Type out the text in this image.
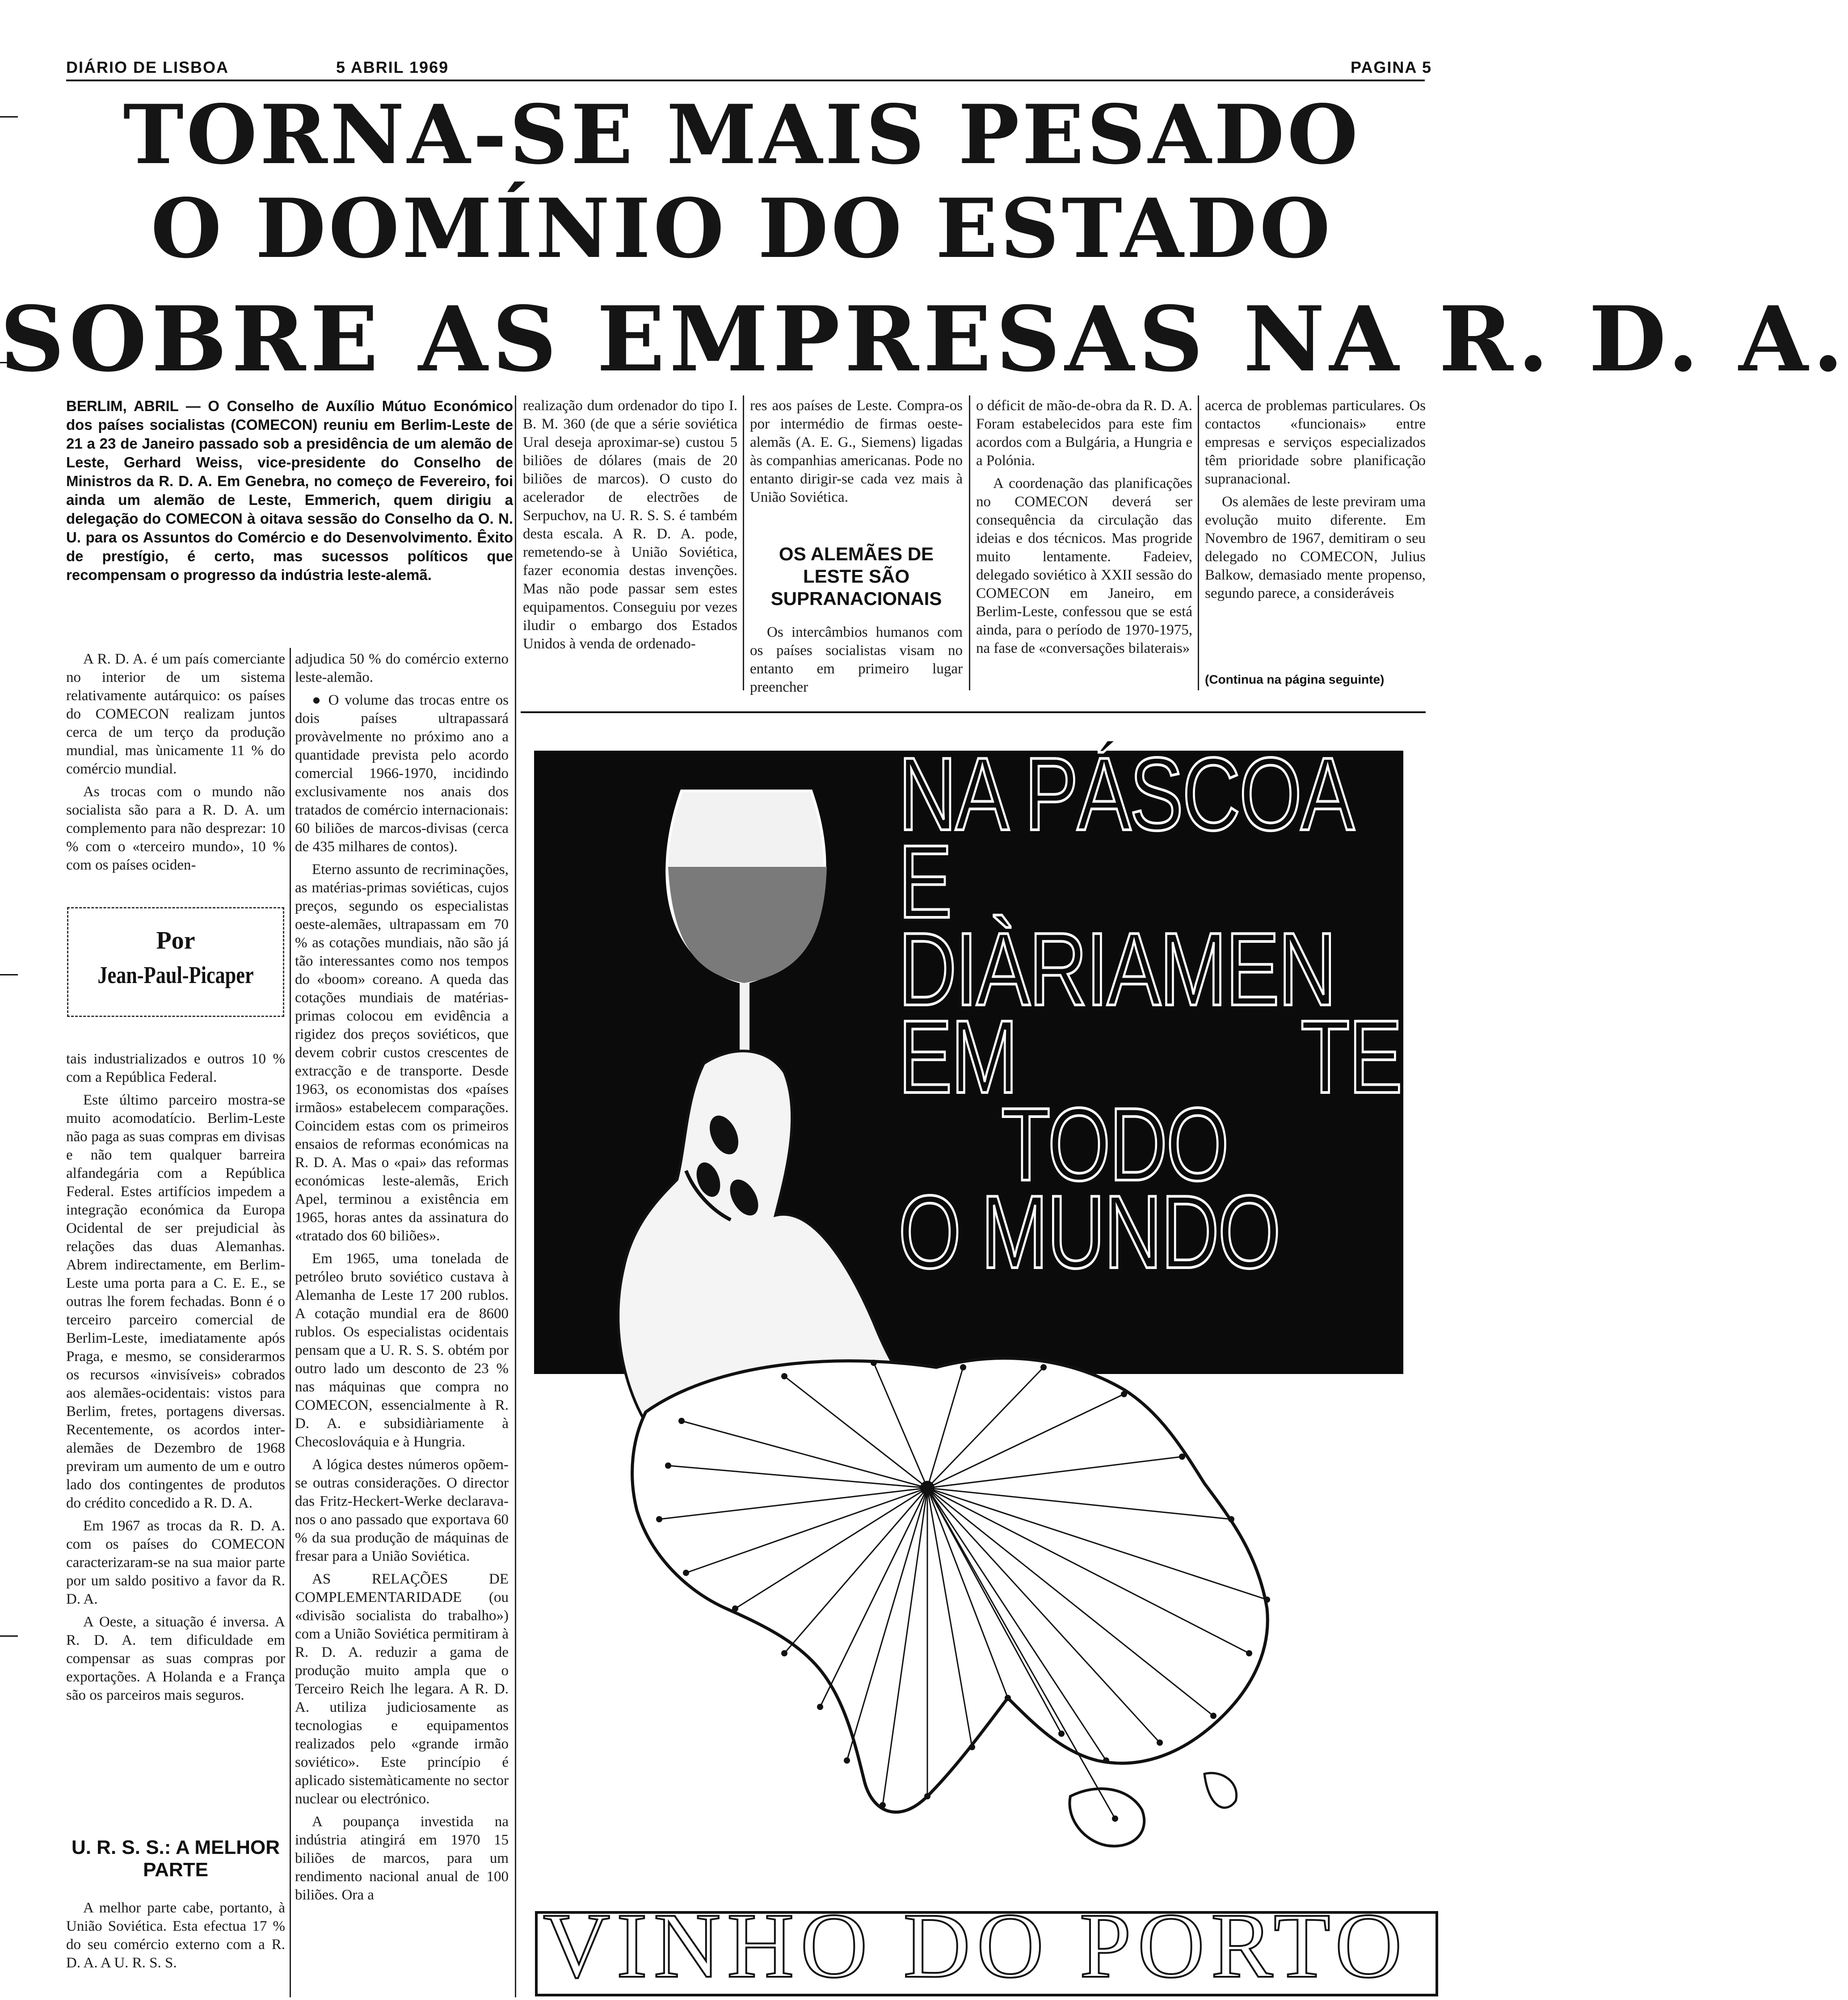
DIÁRIO DE LISBOA	5 ABRIL 1969	PAGINA 5
TORNA-SE MAIS PESADO
O DOMÍNIO DO ESTADO
SOBRE AS EMPRESAS NA R. D. A.
BERLIM, ABRIL — O Conselho de Auxílio Mútuo Económico dos países socialistas (COMECON) reuniu em Berlim-Leste de 21 a 23 de Janeiro passado sob a presidência de um alemão de Leste, Gerhard Weiss, vice-presidente do Conselho de Ministros da R. D. A. Em Genebra, no começo de Fevereiro, foi ainda um alemão de Leste, Emmerich, quem dirigiu a delegação do COMECON à oitava sessão do Conselho da O. N. U. para os Assuntos do Comércio e do Desenvolvimento. Êxito de prestígio, é certo, mas sucessos políticos que recompensam o progresso da indústria leste-alemã.

A R. D. A. é um país comerciante no interior de um sistema relativamente autárquico: os países do COMECON realizam juntos cerca de um terço da produção mundial, mas ùnicamente 11 % do comércio mundial.

As trocas com o mundo não socialista são para a R. D. A. um complemento para não desprezar: 10 % com o «terceiro mundo», 10 % com os países ociden-

Por
Jean-Paul-Picaper

tais industrializados e outros 10 % com a República Federal.

Este último parceiro mostra-se muito acomodatício. Berlim-Leste não paga as suas compras em divisas e não tem qualquer barreira alfandegária com a República Federal. Estes artifícios impedem a integração económica da Europa Ocidental de ser prejudicial às relações das duas Alemanhas. Abrem indirectamente, em Berlim-Leste uma porta para a C. E. E., se outras lhe forem fechadas. Bonn é o terceiro parceiro comercial de Berlim-Leste, imediatamente após Praga, e mesmo, se considerarmos os recursos «invisíveis» cobrados aos alemães-ocidentais: vistos para Berlim, fretes, portagens diversas. Recentemente, os acordos inter-alemães de Dezembro de 1968 previram um aumento de um e outro lado dos contingentes de produtos do crédito concedido a R. D. A.

Em 1967 as trocas da R. D. A. com os países do COMECON caracterizaram-se na sua maior parte por um saldo positivo a favor da R. D. A.

A Oeste, a situação é inversa. A R. D. A. tem dificuldade em compensar as suas compras por exportações. A Holanda e a França são os parceiros mais seguros.

U. R. S. S.: A MELHOR PARTE

A melhor parte cabe, portanto, à União Soviética. Esta efectua 17 % do seu comércio externo com a R. D. A. A U. R. S. S.

adjudica 50 % do comércio externo leste-alemão.

● O volume das trocas entre os dois países ultrapassará provàvelmente no próximo ano a quantidade prevista pelo acordo comercial 1966-1970, incidindo exclusivamente nos anais dos tratados de comércio internacionais: 60 biliões de marcos-divisas (cerca de 435 milhares de contos).

Eterno assunto de recriminações, as matérias-primas soviéticas, cujos preços, segundo os especialistas oeste-alemães, ultrapassam em 70 % as cotações mundiais, não são já tão interessantes como nos tempos do «boom» coreano. A queda das cotações mundiais de matérias-primas colocou em evidência a rigidez dos preços soviéticos, que devem cobrir custos crescentes de extracção e de transporte. Desde 1963, os economistas dos «países irmãos» estabelecem comparações. Coincidem estas com os primeiros ensaios de reformas económicas na R. D. A. Mas o «pai» das reformas económicas leste-alemãs, Erich Apel, terminou a existência em 1965, horas antes da assinatura do «tratado dos 60 biliões».

Em 1965, uma tonelada de petróleo bruto soviético custava à Alemanha de Leste 17 200 rublos. A cotação mundial era de 8600 rublos. Os especialistas ocidentais pensam que a U. R. S. S. obtém por outro lado um desconto de 23 % nas máquinas que compra no COMECON, essencialmente à R. D. A. e subsidiàriamente à Checoslováquia e à Hungria.

A lógica destes números opõem-se outras considerações. O director das Fritz-Heckert-Werke declarava-nos o ano passado que exportava 60 % da sua produção de máquinas de fresar para a União Soviética.

AS RELAÇÕES DE COMPLEMENTARIDADE (ou «divisão socialista do trabalho») com a União Soviética permitiram à R. D. A. reduzir a gama de produção muito ampla que o Terceiro Reich lhe legara. A R. D. A. utiliza judiciosamente as tecnologias e equipamentos realizados pelo «grande irmão soviético». Este princípio é aplicado sistemàticamente no sector nuclear ou electrónico.

A poupança investida na indústria atingirá em 1970 15 biliões de marcos, para um rendimento nacional anual de 100 biliões. Ora a

realização dum ordenador do tipo I. B. M. 360 (de que a série soviética Ural deseja aproximar-se) custou 5 biliões de dólares (mais de 20 biliões de marcos). O custo do acelerador de electrões de Serpuchov, na U. R. S. S. é também desta escala. A R. D. A. pode, remetendo-se à União Soviética, fazer economia destas invenções. Mas não pode passar sem estes equipamentos. Conseguiu por vezes iludir o embargo dos Estados Unidos à venda de ordenado-

res aos países de Leste. Compra-os por intermédio de firmas oeste-alemãs (A. E. G., Siemens) ligadas às companhias americanas. Pode no entanto dirigir-se cada vez mais à União Soviética.

OS ALEMÃES DE LESTE SÃO SUPRANACIONAIS

Os intercâmbios humanos com os países socialistas visam no entanto em primeiro lugar preencher

o déficit de mão-de-obra da R. D. A. Foram estabelecidos para este fim acordos com a Bulgária, a Hungria e a Polónia.

A coordenação das planificações no COMECON deverá ser consequência da circulação das ideias e dos técnicos. Mas progride muito lentamente. Fadeiev, delegado soviético à XXII sessão do COMECON em Janeiro, em Berlim-Leste, confessou que se está ainda, para o período de 1970-1975, na fase de «conversações bilaterais»

acerca de problemas particulares. Os contactos «funcionais» entre empresas e serviços especializados têm prioridade sobre planificação supranacional.

Os alemães de leste previram uma evolução muito diferente. Em Novembro de 1967, demitiram o seu delegado no COMECON, Julius Balkow, demasiado mente propenso, segundo parece, a consideráveis

(Continua na página seguinte)
NA PÁSCOA
E
DIÀRIAMEN
EM	TE
TODO
O MUNDO
VINHO DO PORTO
